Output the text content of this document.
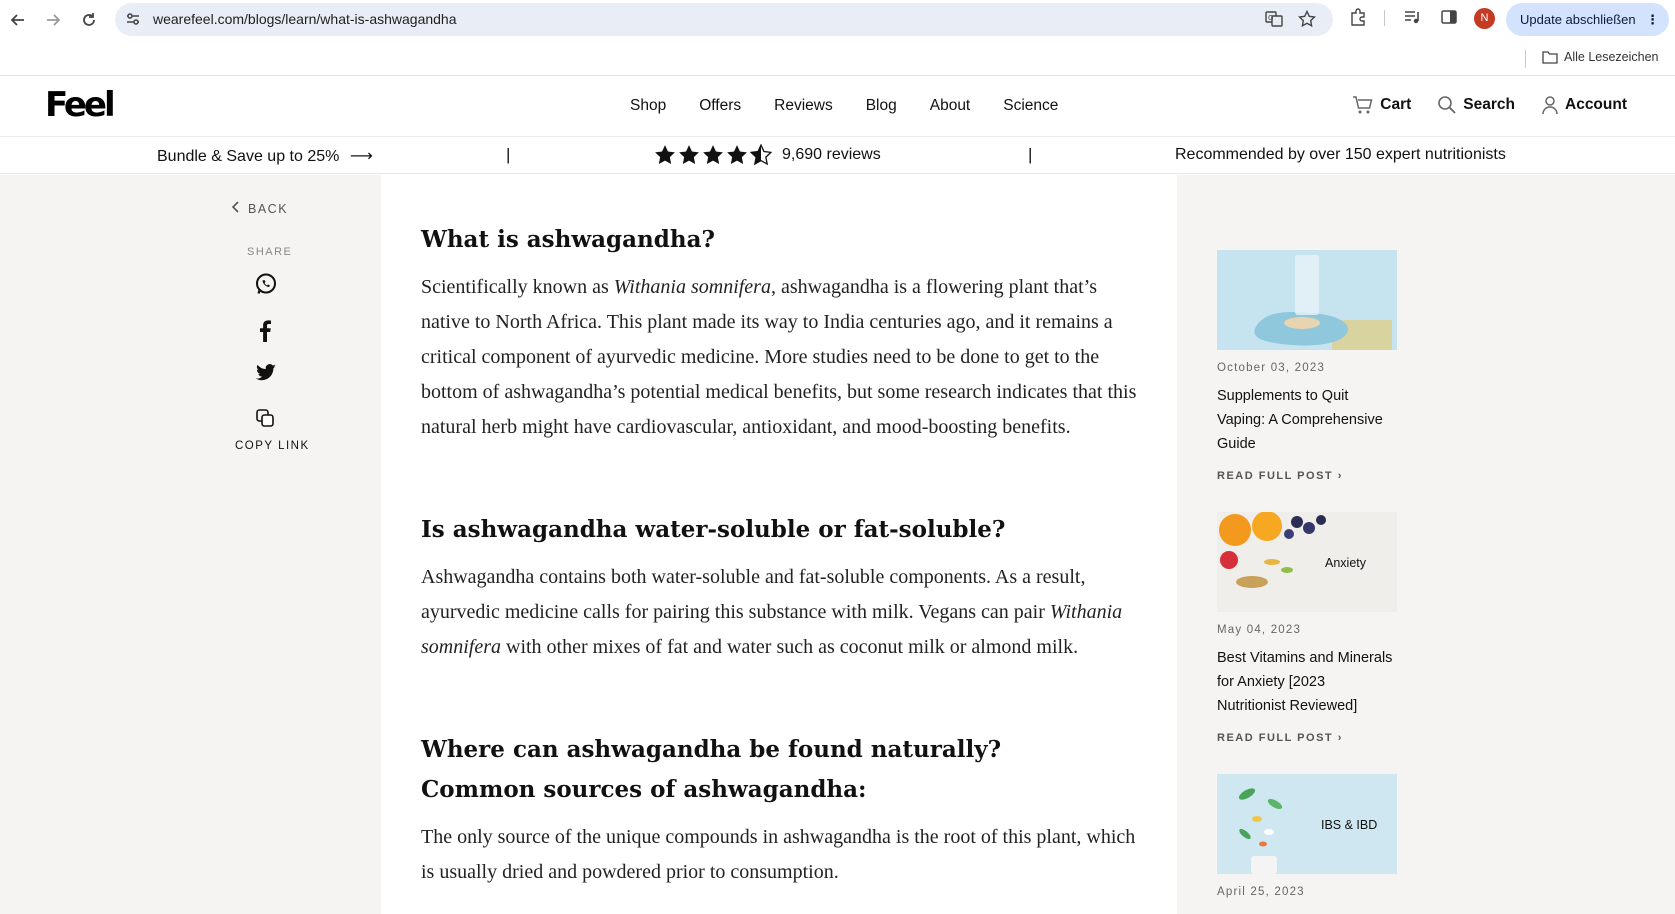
wearefeel.com/blogs/learn/what-is-ashwagandha	G	N	Update abschließen ⋮
Alle Lesezeichen
Feel	Shop Offers Reviews Blog About Science	Cart	Search	Account
Bundle & Save up to 25% ⟶	|	9,690 reviews	|	Recommended by over 150 expert nutritionists
BACK
SHARE
COPY LINK
What is ashwagandha?

Scientifically known as Withania somnifera, ashwagandha is a flowering plant that’s native to North Africa. This plant made its way to India centuries ago, and it remains a critical component of ayurvedic medicine. More studies need to be done to get to the bottom of ashwagandha’s potential medical benefits, but some research indicates that this natural herb might have cardiovascular, antioxidant, and mood-boosting benefits.

Is ashwagandha water-soluble or fat-soluble?

Ashwagandha contains both water-soluble and fat-soluble components. As a result, ayurvedic medicine calls for pairing this substance with milk. Vegans can pair Withania somnifera with other mixes of fat and water such as coconut milk or almond milk.

Where can ashwagandha be found naturally? Common sources of ashwagandha:

The only source of the unique compounds in ashwagandha is the root of this plant, which is usually dried and powdered prior to consumption.

October 03, 2023
Supplements to Quit Vaping: A Comprehensive Guide
READ FULL POST ›
Anxiety
May 04, 2023
Best Vitamins and Minerals for Anxiety [2023 Nutritionist Reviewed]
READ FULL POST ›
IBS & IBD
April 25, 2023
